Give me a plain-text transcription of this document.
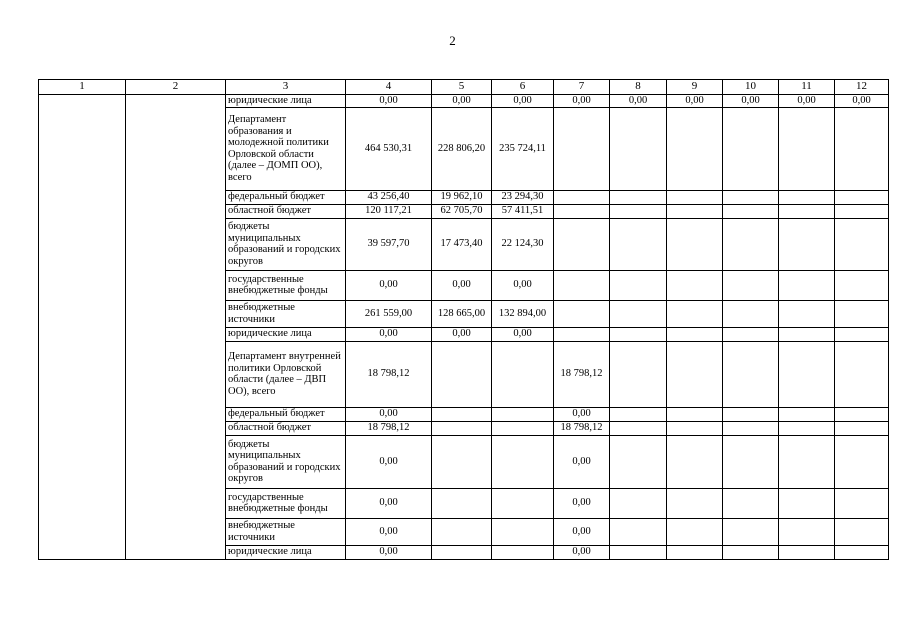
2
1	2	3	4	5	6	7	8	9	10	11	12
		юридические лица	0,00	0,00	0,00	0,00	0,00	0,00	0,00	0,00	0,00
		Департамент образования и молодежной политики Орловской области (далее – ДОМП ОО), всего	464 530,31	228 806,20	235 724,11						
		федеральный бюджет	43 256,40	19 962,10	23 294,30						
		областной бюджет	120 117,21	62 705,70	57 411,51						
		бюджеты муниципальных образований и городских округов	39 597,70	17 473,40	22 124,30						
		государственные внебюджетные фонды	0,00	0,00	0,00						
		внебюджетные источники	261 559,00	128 665,00	132 894,00						
		юридические лица	0,00	0,00	0,00						
		Департамент внутренней политики Орловской области (далее – ДВП ОО), всего	18 798,12			18 798,12					
		федеральный бюджет	0,00			0,00					
		областной бюджет	18 798,12			18 798,12					
		бюджеты муниципальных образований и городских округов	0,00			0,00					
		государственные внебюджетные фонды	0,00			0,00					
		внебюджетные источники	0,00			0,00					
		юридические лица	0,00			0,00					
